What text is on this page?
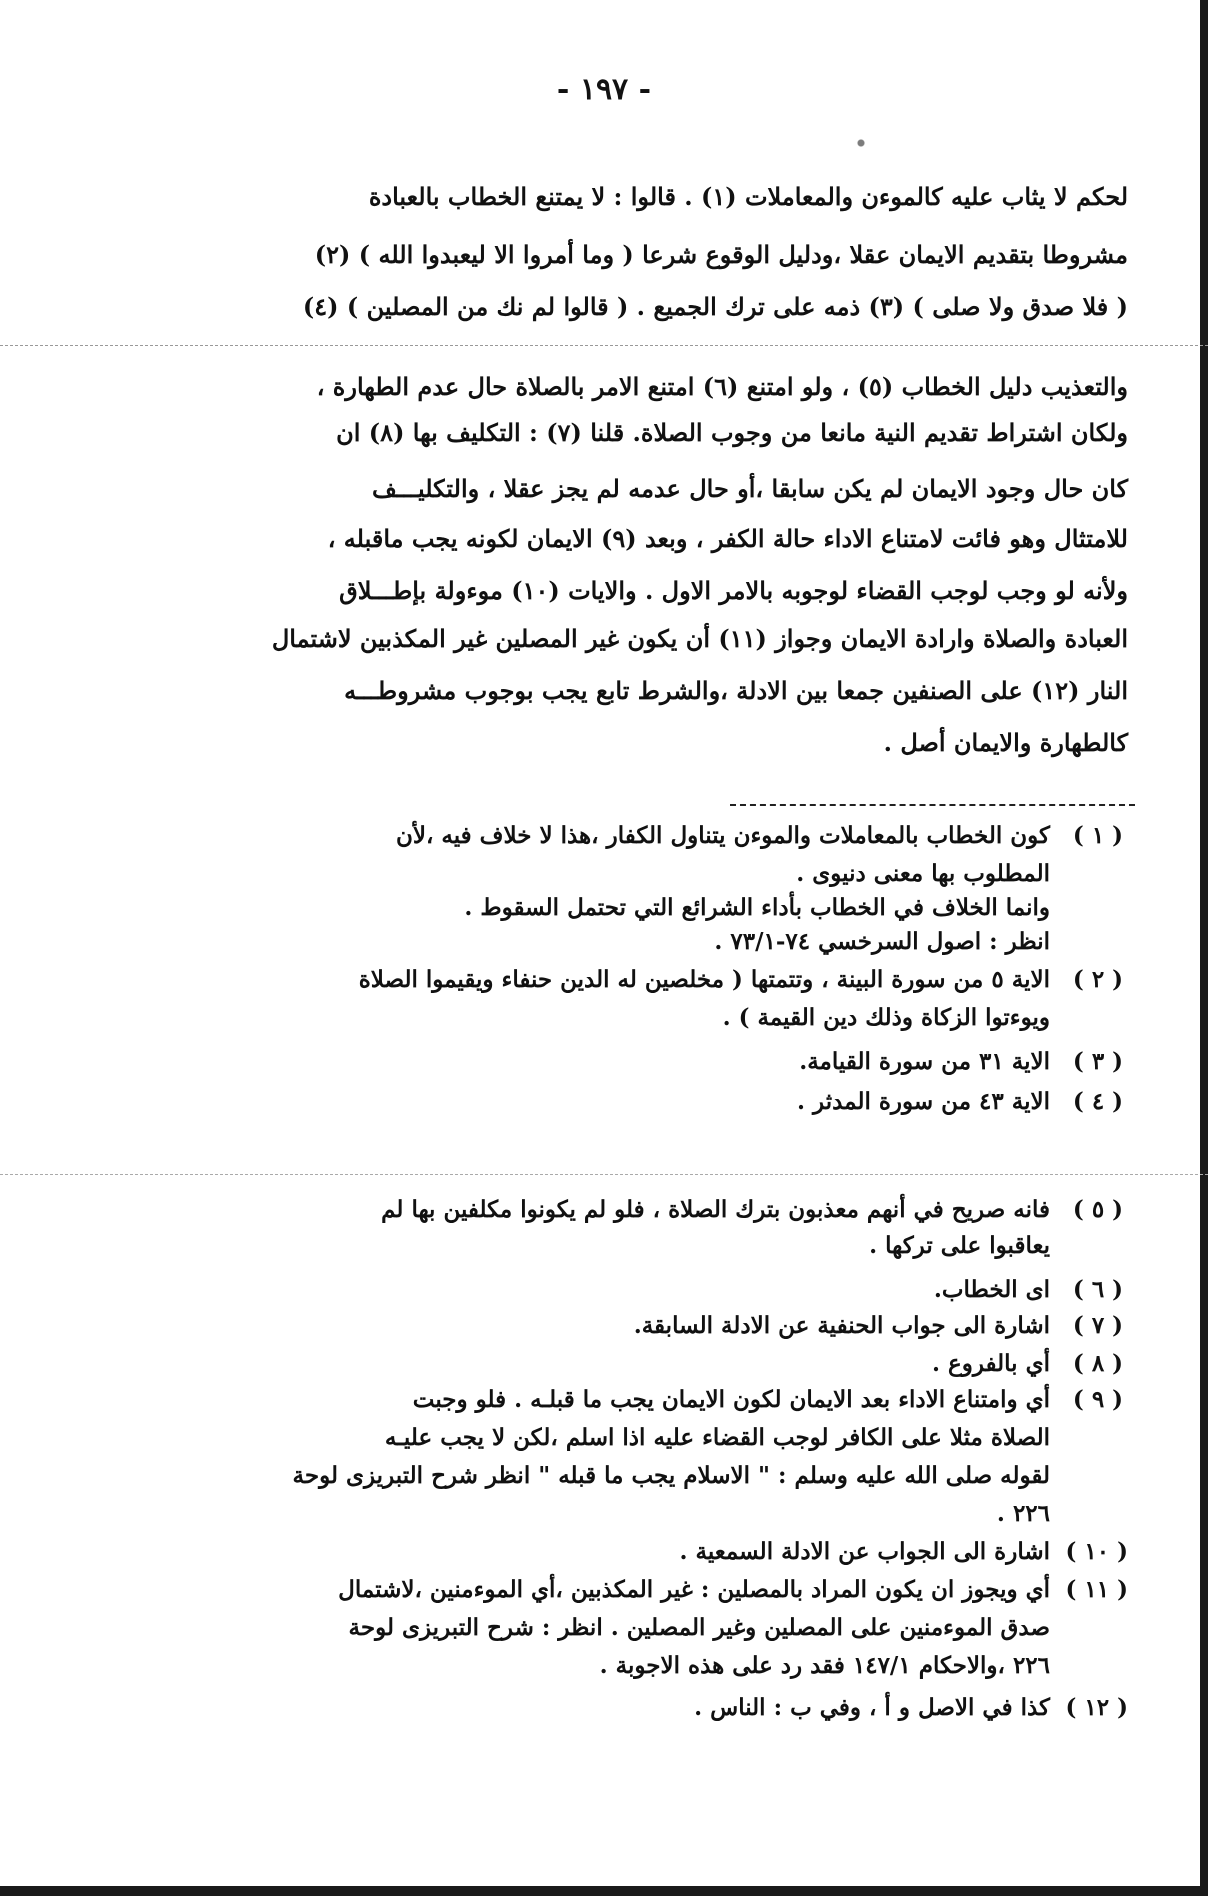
- ١٩٧ -
لحكم لا يثاب عليه كالموءن والمعاملات (١) . قالوا : لا يمتنع الخطاب بالعبادة
مشروطا بتقديم الايمان عقلا ،ودليل الوقوع شرعا ( وما أمروا الا ليعبدوا الله ) (٢)
( فلا صدق ولا صلى ) (٣) ذمه على ترك الجميع . ( قالوا لم نك من المصلين ) (٤)
والتعذيب دليل الخطاب (٥) ، ولو امتنع (٦) امتنع الامر بالصلاة حال عدم الطهارة ،
ولكان اشتراط تقديم النية مانعا من وجوب الصلاة. قلنا (٧) : التكليف بها (٨) ان
كان حال وجود الايمان لم يكن سابقا ،أو حال عدمه لم يجز عقلا ، والتكليـــف
للامتثال وهو فائت لامتناع الاداء حالة الكفر ، وبعد (٩) الايمان لكونه يجب ماقبله ،
ولأنه لو وجب لوجب القضاء لوجوبه بالامر الاول . والايات (١٠) موءولة بإطـــلاق
العبادة والصلاة وارادة الايمان وجواز (١١) أن يكون غير المصلين غير المكذبين لاشتمال
النار (١٢) على الصنفين جمعا بين الادلة ،والشرط تابع يجب بوجوب مشروطـــه
كالطهارة والايمان أصل .
( ١ )
كون الخطاب بالمعاملات والموءن يتناول الكفار ،هذا لا خلاف فيه ،لأن
المطلوب بها معنى دنيوى .
وانما الخلاف في الخطاب بأداء الشرائع التي تحتمل السقوط .
انظر : اصول السرخسي ٧٤-٧٣/١ .
( ٢ )
الاية ٥ من سورة البينة ، وتتمتها ( مخلصين له الدين حنفاء ويقيموا الصلاة
ويوءتوا الزكاة وذلك دين القيمة ) .
( ٣ )
الاية ٣١ من سورة القيامة.
( ٤ )
الاية ٤٣ من سورة المدثر .
( ٥ )
فانه صريح في أنهم معذبون بترك الصلاة ، فلو لم يكونوا مكلفين بها لم
يعاقبوا على تركها .
( ٦ )
اى الخطاب.
( ٧ )
اشارة الى جواب الحنفية عن الادلة السابقة.
( ٨ )
أي بالفروع .
( ٩ )
أي وامتناع الاداء بعد الايمان لكون الايمان يجب ما قبلـه . فلو وجبت
الصلاة مثلا على الكافر لوجب القضاء عليه اذا اسلم ،لكن لا يجب عليـه
لقوله صلى الله عليه وسلم : " الاسلام يجب ما قبله " انظر شرح التبريزى لوحة
٢٢٦ .
( ١٠ )
اشارة الى الجواب عن الادلة السمعية .
( ١١ )
أي ويجوز ان يكون المراد بالمصلين : غير المكذبين ،أي الموءمنين ،لاشتمال
صدق الموءمنين على المصلين وغير المصلين . انظر : شرح التبريزى لوحة
٢٢٦ ،والاحكام ١٤٧/١ فقد رد على هذه الاجوبة .
( ١٢ )
كذا في الاصل و أ ، وفي ب : الناس .
